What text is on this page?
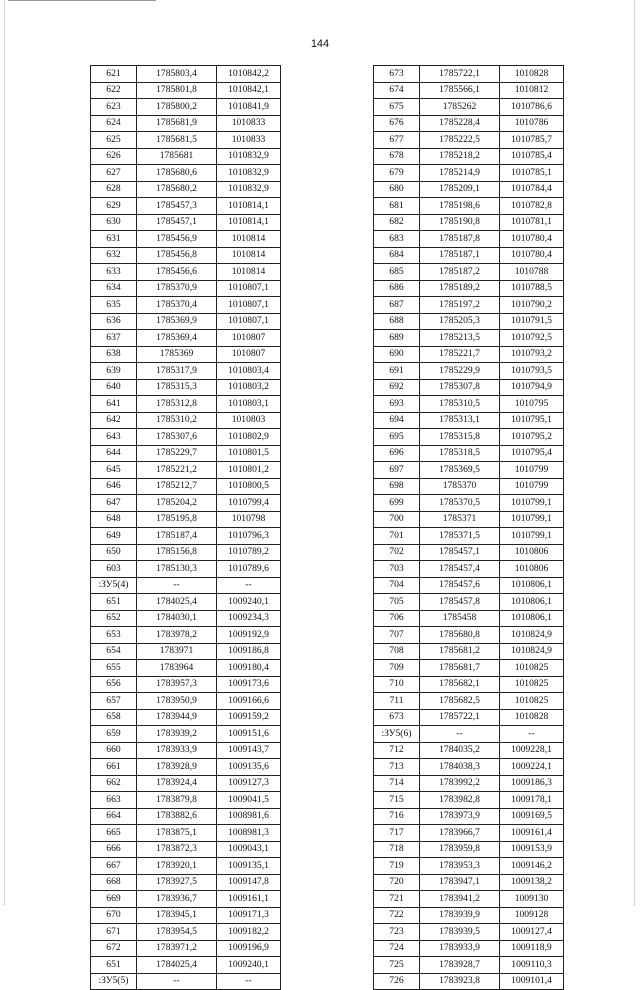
144
621	1785803,4	1010842,2
622	1785801,8	1010842,1
623	1785800,2	1010841,9
624	1785681,9	1010833
625	1785681,5	1010833
626	1785681	1010832,9
627	1785680,6	1010832,9
628	1785680,2	1010832,9
629	1785457,3	1010814,1
630	1785457,1	1010814,1
631	1785456,9	1010814
632	1785456,8	1010814
633	1785456,6	1010814
634	1785370,9	1010807,1
635	1785370,4	1010807,1
636	1785369,9	1010807,1
637	1785369,4	1010807
638	1785369	1010807
639	1785317,9	1010803,4
640	1785315,3	1010803,2
641	1785312,8	1010803,1
642	1785310,2	1010803
643	1785307,6	1010802,9
644	1785229,7	1010801,5
645	1785221,2	1010801,2
646	1785212,7	1010800,5
647	1785204,2	1010799,4
648	1785195,8	1010798
649	1785187,4	1010796,3
650	1785156,8	1010789,2
603	1785130,3	1010789,6
:ЗУ5(4)	--	--
651	1784025,4	1009240,1
652	1784030,1	1009234,3
653	1783978,2	1009192,9
654	1783971	1009186,8
655	1783964	1009180,4
656	1783957,3	1009173,6
657	1783950,9	1009166,6
658	1783944,9	1009159,2
659	1783939,2	1009151,6
660	1783933,9	1009143,7
661	1783928,9	1009135,6
662	1783924,4	1009127,3
663	1783879,8	1009041,5
664	1783882,6	1008981,6
665	1783875,1	1008981,3
666	1783872,3	1009043,1
667	1783920,1	1009135,1
668	1783927,5	1009147,8
669	1783936,7	1009161,1
670	1783945,1	1009171,3
671	1783954,5	1009182,2
672	1783971,2	1009196,9
651	1784025,4	1009240,1
:ЗУ5(5)	--	--
673	1785722,1	1010828
674	1785566,1	1010812
675	1785262	1010786,6
676	1785228,4	1010786
677	1785222,5	1010785,7
678	1785218,2	1010785,4
679	1785214,9	1010785,1
680	1785209,1	1010784,4
681	1785198,6	1010782,8
682	1785190,8	1010781,1
683	1785187,8	1010780,4
684	1785187,1	1010780,4
685	1785187,2	1010788
686	1785189,2	1010788,5
687	1785197,2	1010790,2
688	1785205,3	1010791,5
689	1785213,5	1010792,5
690	1785221,7	1010793,2
691	1785229,9	1010793,5
692	1785307,8	1010794,9
693	1785310,5	1010795
694	1785313,1	1010795,1
695	1785315,8	1010795,2
696	1785318,5	1010795,4
697	1785369,5	1010799
698	1785370	1010799
699	1785370,5	1010799,1
700	1785371	1010799,1
701	1785371,5	1010799,1
702	1785457,1	1010806
703	1785457,4	1010806
704	1785457,6	1010806,1
705	1785457,8	1010806,1
706	1785458	1010806,1
707	1785680,8	1010824,9
708	1785681,2	1010824,9
709	1785681,7	1010825
710	1785682,1	1010825
711	1785682,5	1010825
673	1785722,1	1010828
:ЗУ5(6)	--	--
712	1784035,2	1009228,1
713	1784038,3	1009224,1
714	1783992,2	1009186,3
715	1783982,8	1009178,1
716	1783973,9	1009169,5
717	1783966,7	1009161,4
718	1783959,8	1009153,9
719	1783953,3	1009146,2
720	1783947,1	1009138,2
721	1783941,2	1009130
722	1783939,9	1009128
723	1783939,5	1009127,4
724	1783933,9	1009118,9
725	1783928,7	1009110,3
726	1783923,8	1009101,4
